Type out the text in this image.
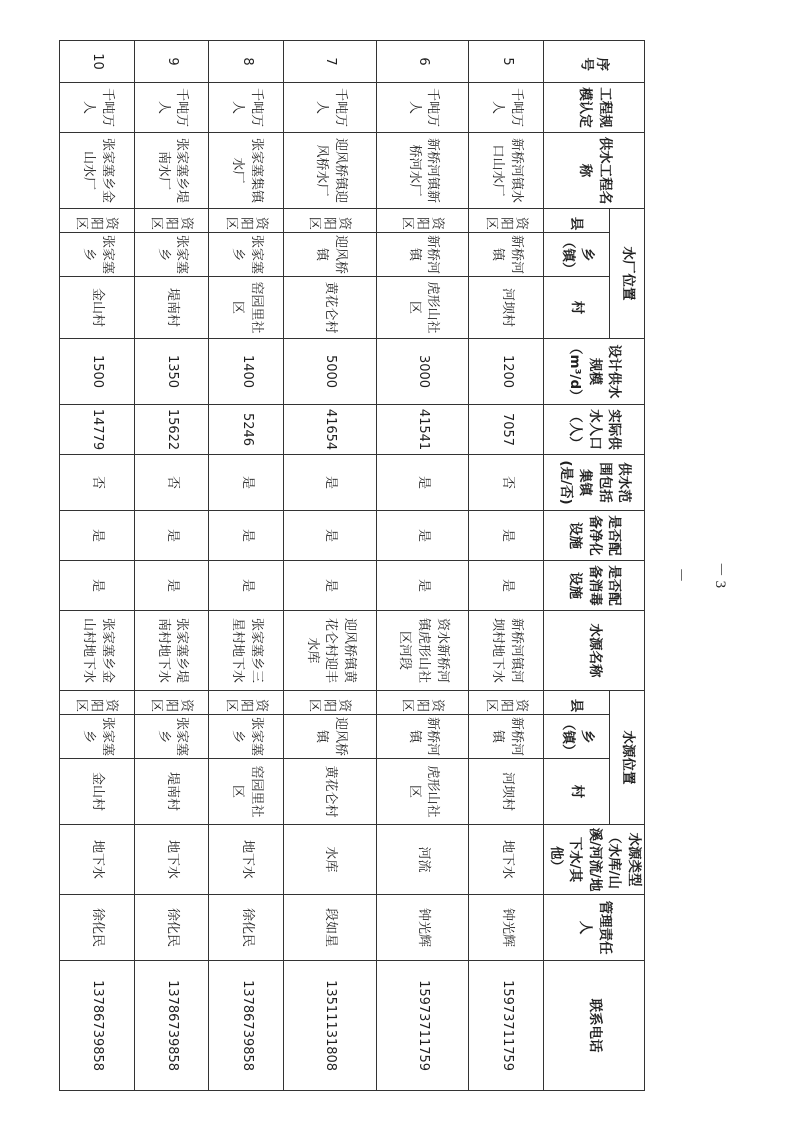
－ 3 －
序号	工程规模认定	供水工程名称	水厂位置			设计供水规模（m³/d）	实际供水人口（人）	供水范围包括集镇(是/否)	是否配备净化设施	是否配备消毒设施	水源名称	水源位置			水源类型（水库/山溪/河流/地下水/其他）	管理责任人	联系电话

			县	乡（镇）	村							县	乡（镇）	村			
5	千吨万人	新桥河镇水口山水厂	资阳区	新桥河镇	河坝村	1200	7057	否	是	是	新桥河镇河坝村地下水	资阳区	新桥河镇	河坝村	地下水	钟光辉	15973711759
6	千吨万人	新桥河镇新桥河水厂	资阳区	新桥河镇	虎形山社区	3000	41541	是	是	是	资水新桥河镇虎形山社区河段	资阳区	新桥河镇	虎形山社区	河流	钟光辉	15973711759
7	千吨万人	迎风桥镇迎风桥水厂	资阳区	迎风桥镇	黄花仑村	5000	41654	是	是	是	迎风桥镇黄花仑村迎丰水库	资阳区	迎风桥镇	黄花仑村	水库	段如星	13511131808
8	千吨万人	张家塞集镇水厂	资阳区	张家塞乡	窑园里社区	1400	5246	是	是	是	张家塞乡三星村地下水	资阳区	张家塞乡	窑园里社区	地下水	徐化民	13786739858
9	千吨万人	张家塞乡堤南水厂	资阳区	张家塞乡	堤南村	1350	15622	否	是	是	张家塞乡堤南村地下水	资阳区	张家塞乡	堤南村	地下水	徐化民	13786739858
10	千吨万人	张家塞乡金山水厂	资阳区	张家塞乡	金山村	1500	14779	否	是	是	张家塞乡金山村地下水	资阳区	张家塞乡	金山村	地下水	徐化民	13786739858
